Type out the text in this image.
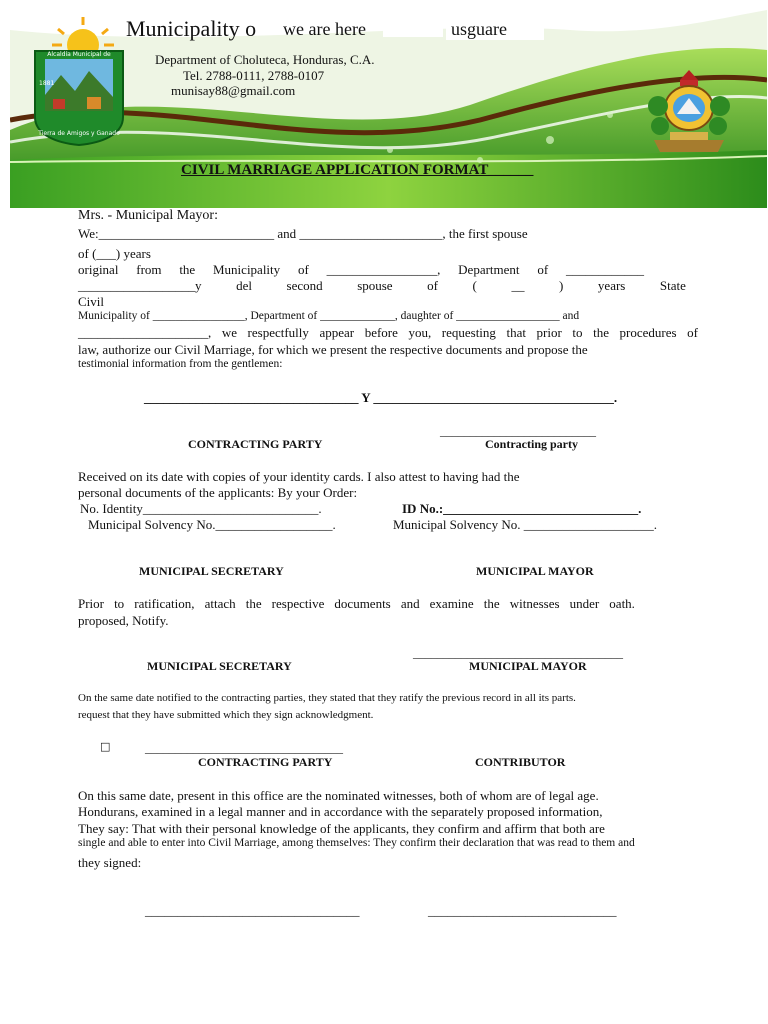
Alcaldía Municipal de
Tierra de Amigos y Ganado
1881
Municipality o we are here	usguare
Department of Choluteca, Honduras, C.A.
Tel. 2788-0111, 2788-0107
munisay88@gmail.com
CIVIL MARRIAGE APPLICATION FORMAT______
Mrs. - Municipal Mayor:
We:___________________________ and ______________________, the first spouse
of (___) years
original from the Municipality of _________________, Department of ____________
__________________y	del	second	spouse	of	(	__	)	years	State
Civil
Municipality of ________________, Department of _____________, daughter of __________________ and
____________________, we respectfully appear before you, requesting that prior to the procedures of
law, authorize our Civil Marriage, for which we present the respective documents and propose the
testimonial information from the gentlemen:
_________________________________ Y _____________________________________.
__________________________
CONTRACTING PARTY	Contracting party
Received on its date with copies of your identity cards. I also attest to having had the
personal documents of the applicants: By your Order:
No. Identity___________________________.	ID No.:______________________________.
Municipal Solvency No.__________________.	Municipal Solvency No. ____________________.
MUNICIPAL SECRETARY	MUNICIPAL MAYOR
Prior to ratification, attach the respective documents and examine the witnesses under oath.
proposed, Notify.
___________________________________
MUNICIPAL SECRETARY	MUNICIPAL MAYOR
On the same date notified to the contracting parties, they stated that they ratify the previous record in all its parts.
request that they have submitted which they sign acknowledgment.
□	_________________________________
CONTRACTING PARTY	CONTRIBUTOR
On this same date, present in this office are the nominated witnesses, both of whom are of legal age.
Hondurans, examined in a legal manner and in accordance with the separately proposed information,
They say: That with their personal knowledge of the applicants, they confirm and affirm that both are
single and able to enter into Civil Marriage, among themselves: They confirm their declaration that was read to them and
they signed:
_________________________________	_____________________________
